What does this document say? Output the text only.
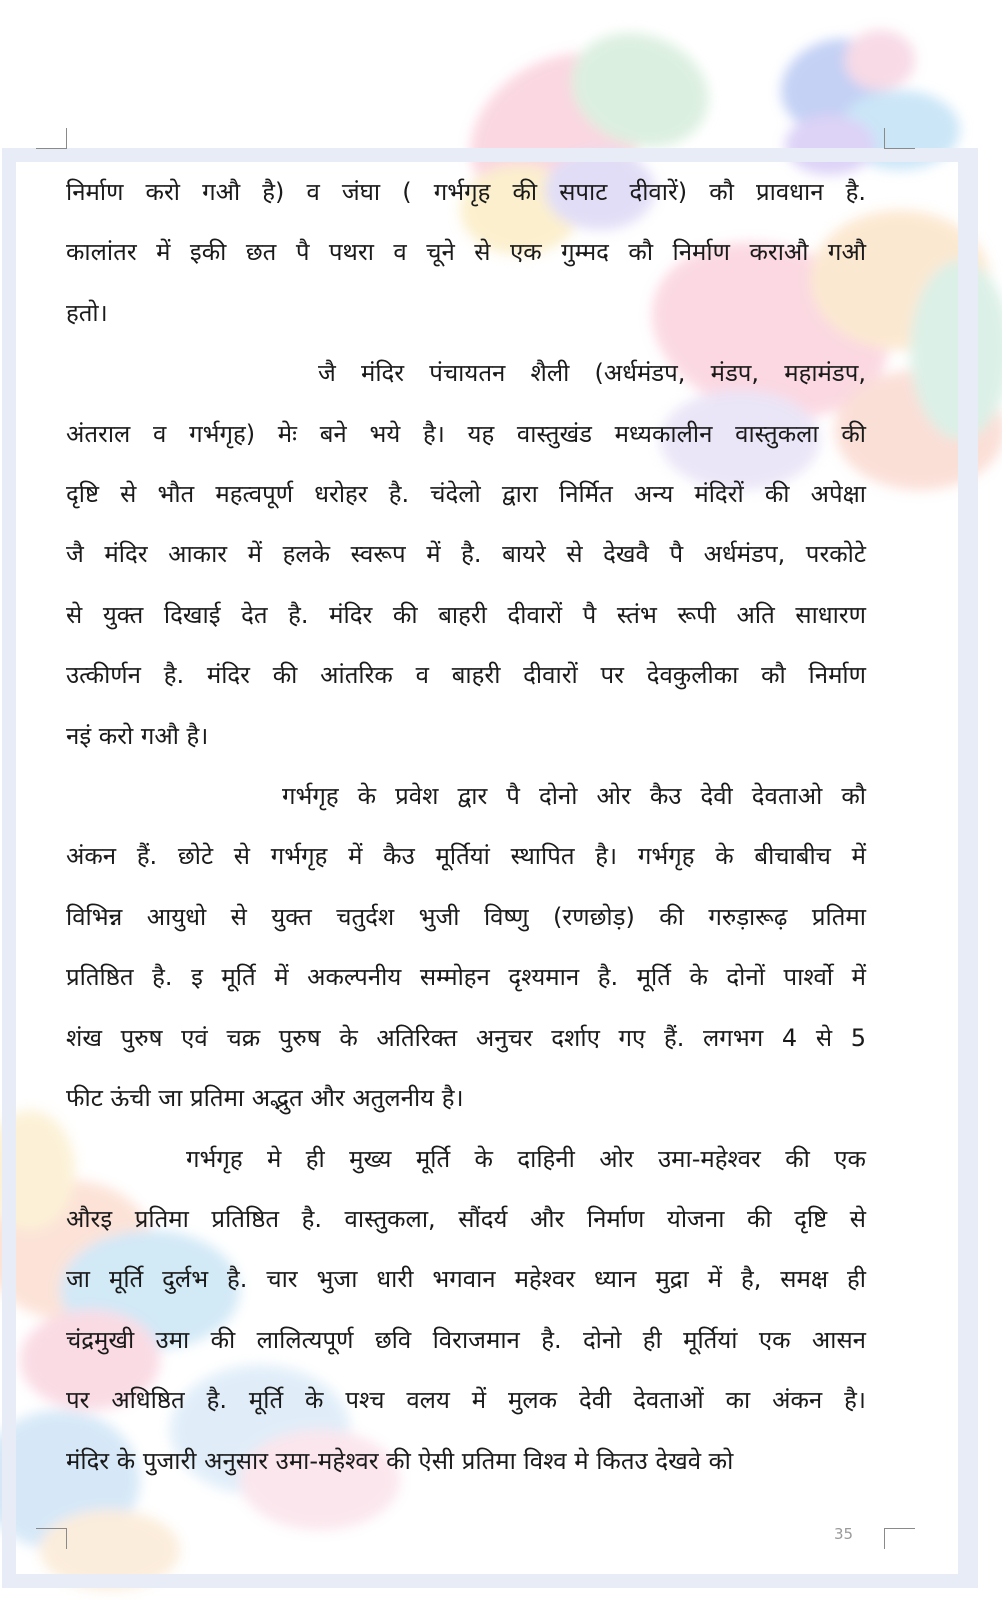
निर्माण करो गऔ है) व जंघा ( गर्भगृह की सपाट दीवारें) कौ प्रावधान है.
कालांतर में इकी छत पै पथरा व चूने से एक गुम्मद कौ निर्माण कराऔ गऔ
हतो।
जै मंदिर पंचायतन शैली (अर्धमंडप, मंडप, महामंडप,
अंतराल व गर्भगृह) मेः बने भये है। यह वास्तुखंड मध्यकालीन वास्तुकला की
दृष्टि से भौत महत्वपूर्ण धरोहर है. चंदेलो द्वारा निर्मित अन्य मंदिरों की अपेक्षा
जै मंदिर आकार में हलके स्वरूप में है. बायरे से देखवै पै अर्धमंडप, परकोटे
से युक्त दिखाई देत है. मंदिर की बाहरी दीवारों पै स्तंभ रूपी अति साधारण
उत्कीर्णन है. मंदिर की आंतरिक व बाहरी दीवारों पर देवकुलीका कौ निर्माण
नइं करो गऔ है।
गर्भगृह के प्रवेश द्वार पै दोनो ओर कैउ देवी देवताओ कौ
अंकन हैं. छोटे से गर्भगृह में कैउ मूर्तियां स्थापित है। गर्भगृह के बीचाबीच में
विभिन्न आयुधो से युक्त चतुर्दश भुजी विष्णु (रणछोड़) की गरुड़ारूढ़ प्रतिमा
प्रतिष्ठित है. इ मूर्ति में अकल्पनीय सम्मोहन दृश्यमान है. मूर्ति के दोनों पार्श्वो में
शंख पुरुष एवं चक्र पुरुष के अतिरिक्त अनुचर दर्शाए गए हैं. लगभग 4 से 5
फीट ऊंची जा प्रतिमा अद्भुत और अतुलनीय है।
गर्भगृह मे ही मुख्य मूर्ति के दाहिनी ओर उमा-महेश्वर की एक
औरइ प्रतिमा प्रतिष्ठित है. वास्तुकला, सौंदर्य और निर्माण योजना की दृष्टि से
जा मूर्ति दुर्लभ है. चार भुजा धारी भगवान महेश्वर ध्यान मुद्रा में है, समक्ष ही
चंद्रमुखी उमा की लालित्यपूर्ण छवि विराजमान है. दोनो ही मूर्तियां एक आसन
पर अधिष्ठित है. मूर्ति के पश्च वलय में मुलक देवी देवताओं का अंकन है।
मंदिर के पुजारी अनुसार उमा-महेश्वर की ऐसी प्रतिमा विश्व मे कितउ देखवे को
35
